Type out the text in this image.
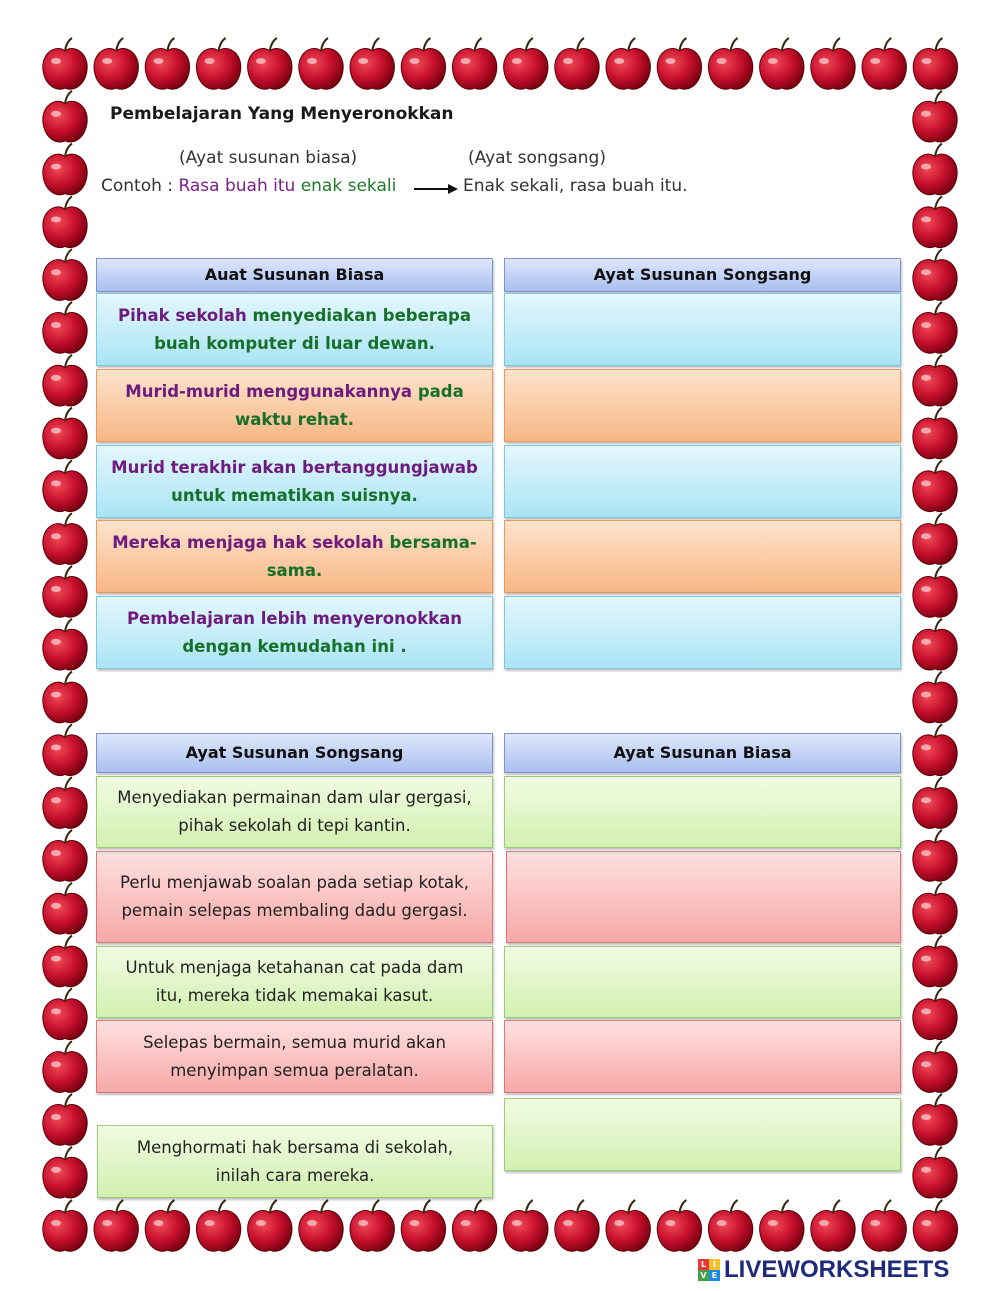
Pembelajaran Yang Menyeronokkan
(Ayat susunan biasa)	(Ayat songsang)
Contoh : Rasa buah itu enak sekali	Enak sekali, rasa buah itu.
Auat Susunan Biasa	Ayat Susunan Songsang
Pihak sekolah menyediakan beberapa buah komputer di luar dewan.
Murid-murid menggunakannya pada waktu rehat.
Murid terakhir akan bertanggungjawab untuk mematikan suisnya.
Mereka menjaga hak sekolah bersama-sama.
Pembelajaran lebih menyeronokkan dengan kemudahan ini .
Ayat Susunan Songsang	Ayat Susunan Biasa
Menyediakan permainan dam ular gergasi, pihak sekolah di tepi kantin.
Perlu menjawab soalan pada setiap kotak, pemain selepas membaling dadu gergasi.
Untuk menjaga ketahanan cat pada dam itu, mereka tidak memakai kasut.
Selepas bermain, semua murid akan menyimpan semua peralatan.
Menghormati hak bersama di sekolah, inilah cara mereka.
L I
V E LIVEWORKSHEETS
